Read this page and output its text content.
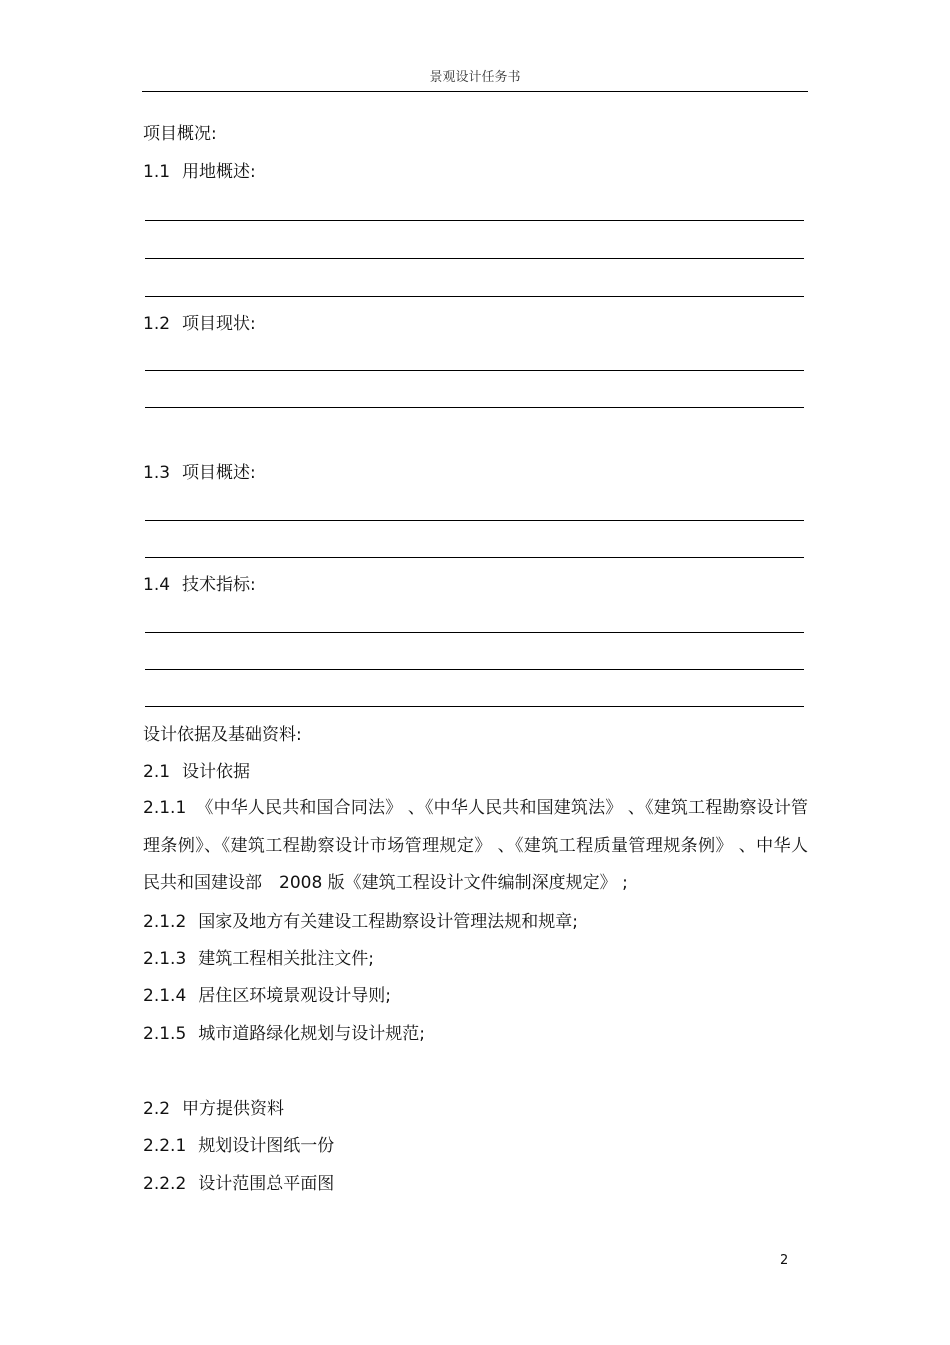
景观设计任务书
项目概况:
1.1 用地概述:
1.2 项目现状:
1.3 项目概述:
1.4 技术指标:
设计依据及基础资料:
2.1 设计依据
2.1.1 《中华人民共和国合同法》 、《中华人民共和国建筑法》 、《建筑工程勘察设计管理条例》、《建筑工程勘察设计市场管理规定》 、《建筑工程质量管理规条例》 、中华人民共和国建设部　2008 版《建筑工程设计文件编制深度规定》 ;
2.1.2 国家及地方有关建设工程勘察设计管理法规和规章;
2.1.3 建筑工程相关批注文件;
2.1.4 居住区环境景观设计导则;
2.1.5 城市道路绿化规划与设计规范;
2.2 甲方提供资料
2.2.1 规划设计图纸一份
2.2.2 设计范围总平面图
2
